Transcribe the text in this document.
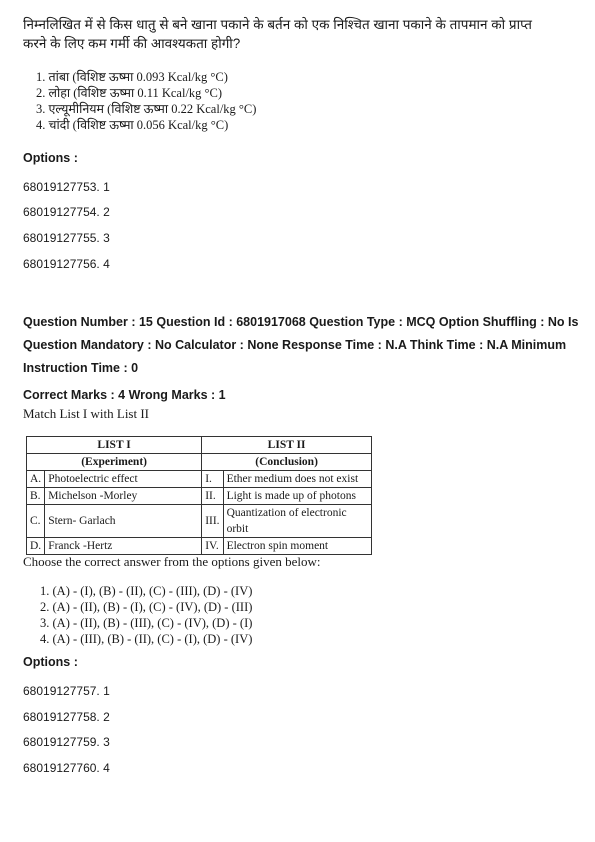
निम्नलिखित में से किस धातु से बने खाना पकाने के बर्तन को एक निश्चित खाना पकाने के तापमान को प्राप्त

करने के लिए कम गर्मी की आवश्यकता होगी?

1. तांबा (विशिष्ट ऊष्मा 0.093 Kcal/kg °C)
2. लोहा (विशिष्ट ऊष्मा 0.11 Kcal/kg °C)
3. एल्यूमीनियम (विशिष्ट ऊष्मा 0.22 Kcal/kg °C)
4. चांदी (विशिष्ट ऊष्मा 0.056 Kcal/kg °C)
Options :
68019127753. 1
68019127754. 2
68019127755. 3
68019127756. 4
Question Number : 15 Question Id : 6801917068 Question Type : MCQ Option Shuffling : No Is
Question Mandatory : No Calculator : None Response Time : N.A Think Time : N.A Minimum
Instruction Time : 0
Correct Marks : 4 Wrong Marks : 1
Match List I with List II
LIST I		LIST II	
(Experiment)		(Conclusion)	
A.	Photoelectric effect	I.	Ether medium does not exist
B.	Michelson -Morley	II.	Light is made up of photons
C.	Stern- Garlach	III.	Quantization of electronic orbit
D.	Franck -Hertz	IV.	Electron spin moment
Choose the correct answer from the options given below:
1. (A) - (I), (B) - (II), (C) - (III), (D) - (IV)
2. (A) - (II), (B) - (I), (C) - (IV), (D) - (III)
3. (A) - (II), (B) - (III), (C) - (IV), (D) - (I)
4. (A) - (III), (B) - (II), (C) - (I), (D) - (IV)
Options :
68019127757. 1
68019127758. 2
68019127759. 3
68019127760. 4
